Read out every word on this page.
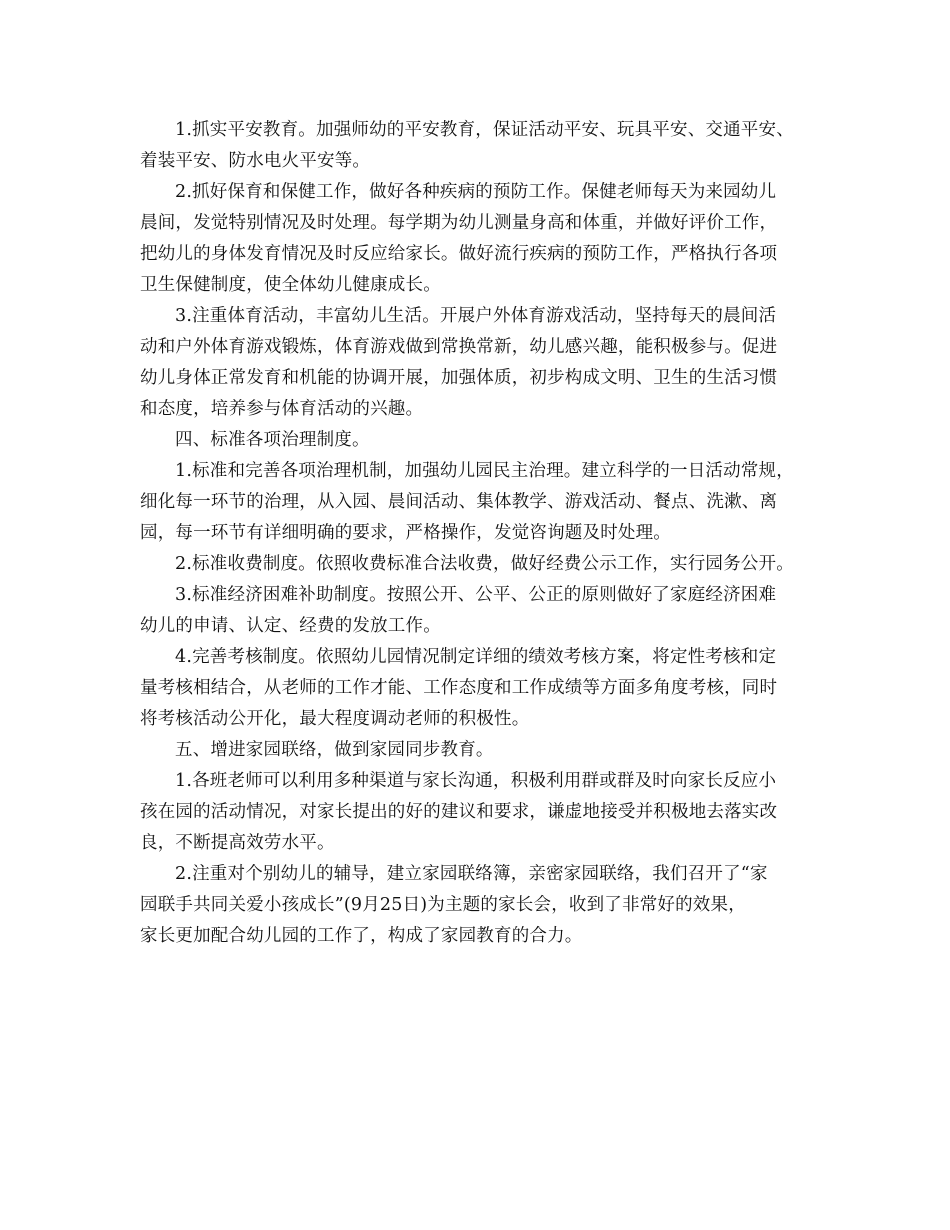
1.抓实平安教育。加强师幼的平安教育，保证活动平安、玩具平安、交通平安、
着装平安、防水电火平安等。

2.抓好保育和保健工作，做好各种疾病的预防工作。保健老师每天为来园幼儿
晨间，发觉特别情况及时处理。每学期为幼儿测量身高和体重，并做好评价工作，
把幼儿的身体发育情况及时反应给家长。做好流行疾病的预防工作，严格执行各项
卫生保健制度，使全体幼儿健康成长。

3.注重体育活动，丰富幼儿生活。开展户外体育游戏活动，坚持每天的晨间活
动和户外体育游戏锻炼，体育游戏做到常换常新，幼儿感兴趣，能积极参与。促进
幼儿身体正常发育和机能的协调开展，加强体质，初步构成文明、卫生的生活习惯
和态度，培养参与体育活动的兴趣。

四、标准各项治理制度。

1.标准和完善各项治理机制，加强幼儿园民主治理。建立科学的一日活动常规，
细化每一环节的治理，从入园、晨间活动、集体教学、游戏活动、餐点、洗漱、离
园，每一环节有详细明确的要求，严格操作，发觉咨询题及时处理。

2.标准收费制度。依照收费标准合法收费，做好经费公示工作，实行园务公开。

3.标准经济困难补助制度。按照公开、公平、公正的原则做好了家庭经济困难
幼儿的申请、认定、经费的发放工作。

4.完善考核制度。依照幼儿园情况制定详细的绩效考核方案，将定性考核和定
量考核相结合，从老师的工作才能、工作态度和工作成绩等方面多角度考核，同时
将考核活动公开化，最大程度调动老师的积极性。

五、增进家园联络，做到家园同步教育。

1.各班老师可以利用多种渠道与家长沟通，积极利用群或群及时向家长反应小
孩在园的活动情况，对家长提出的好的建议和要求，谦虚地接受并积极地去落实改
良，不断提高效劳水平。

2.注重对个别幼儿的辅导，建立家园联络簿，亲密家园联络，我们召开了“家
园联手共同关爱小孩成长”(9月25日)为主题的家长会，收到了非常好的效果，
家长更加配合幼儿园的工作了，构成了家园教育的合力。
